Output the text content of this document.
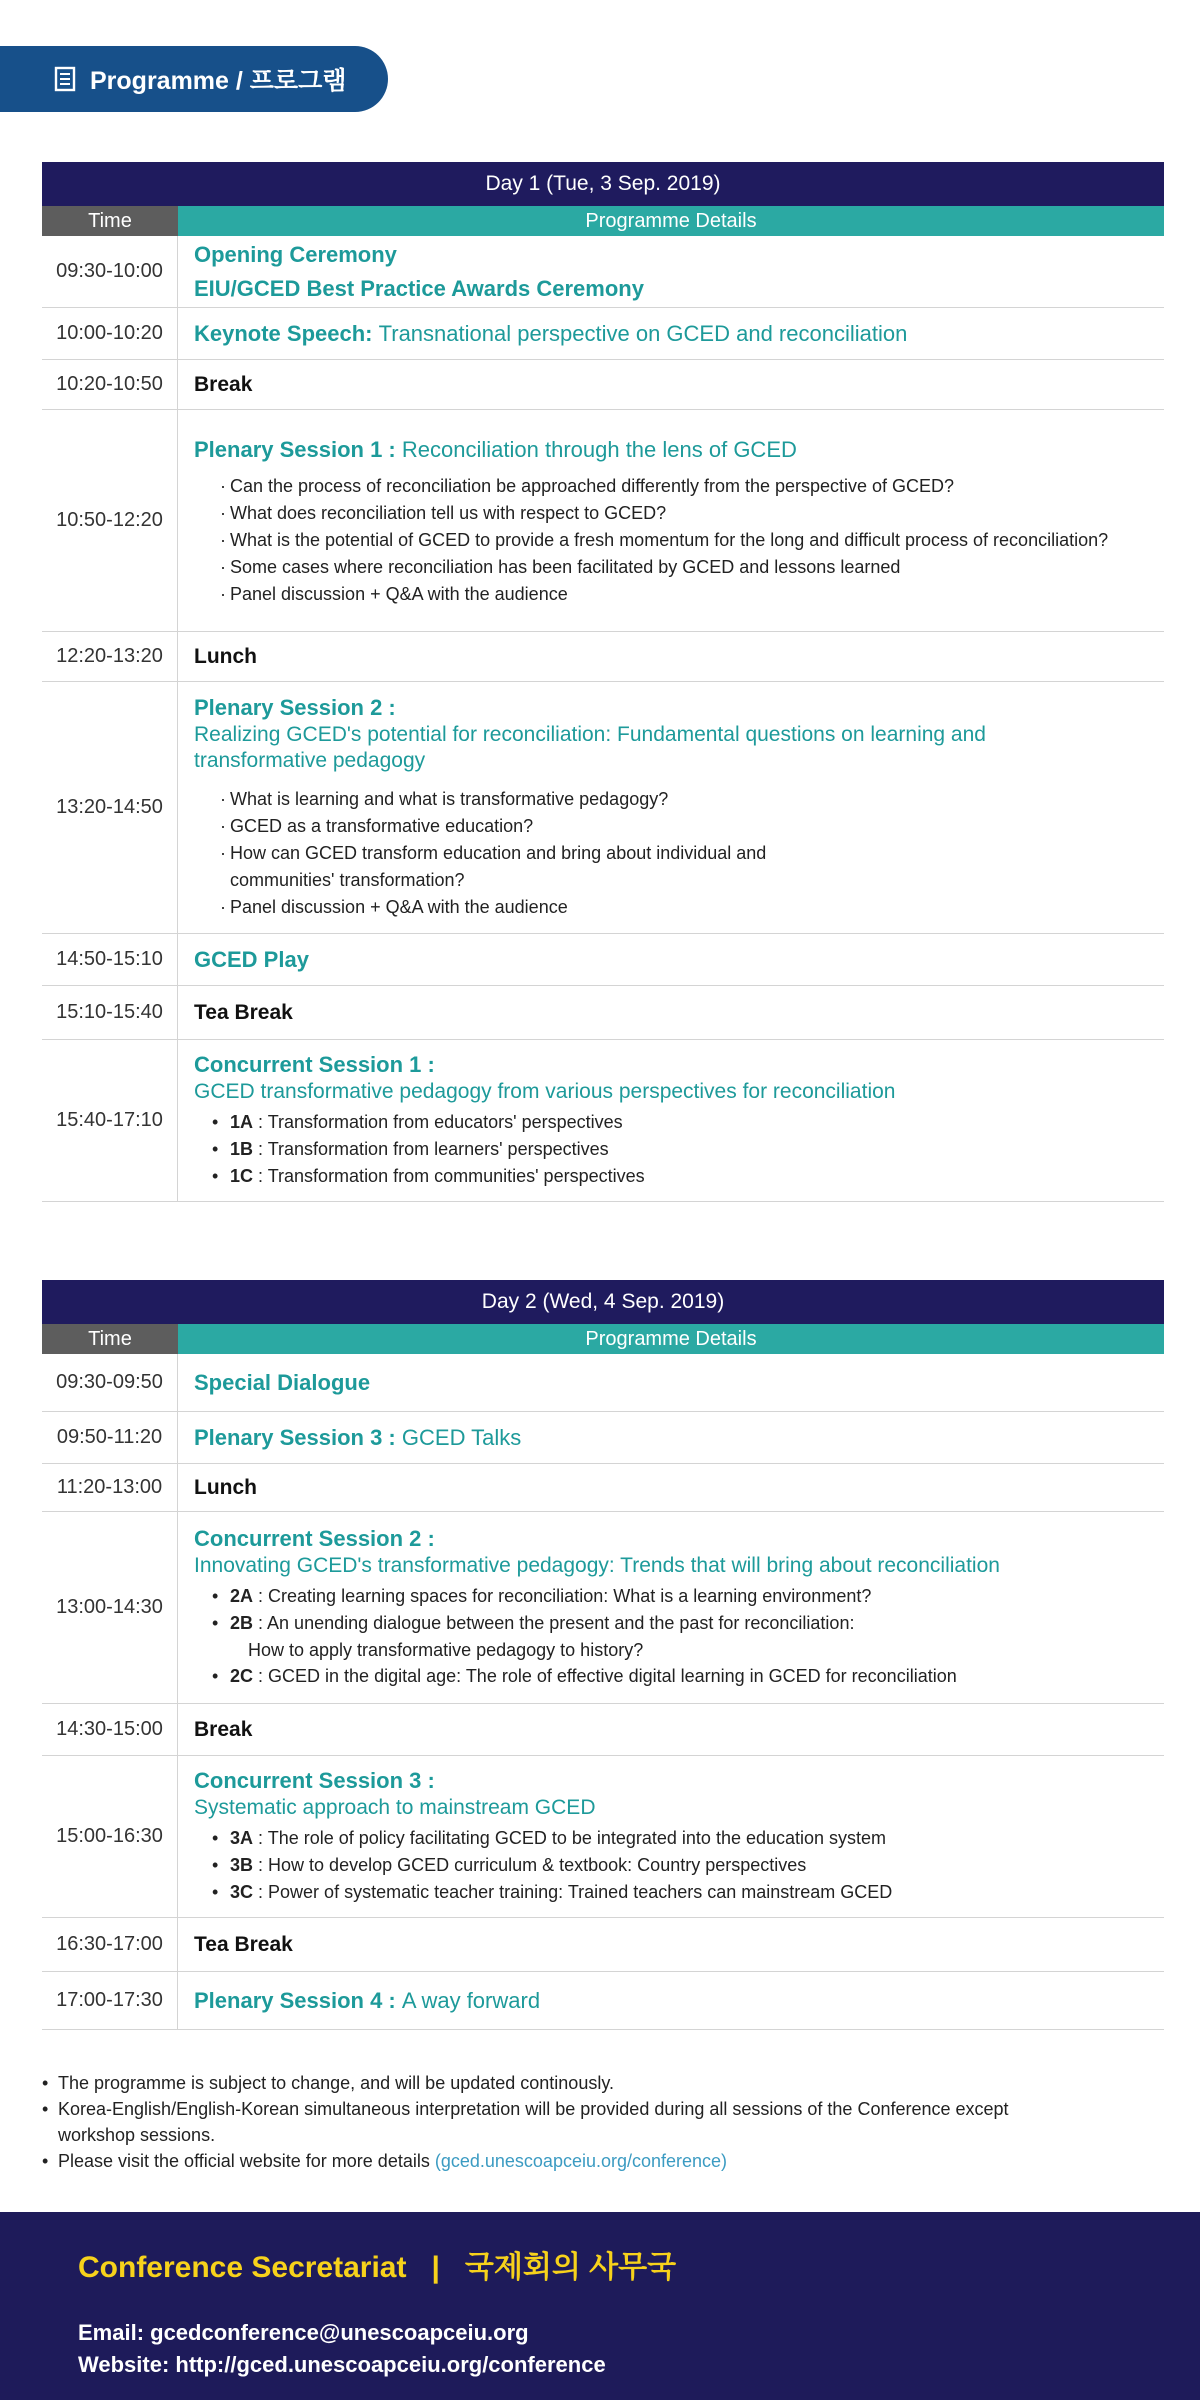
Programme / 프로그램
Day 1 (Tue, 3 Sep. 2019)
Time	Programme Details
09:30-10:00
Opening Ceremony
EIU/GCED Best Practice Awards Ceremony
10:00-10:20	Keynote Speech: Transnational perspective on GCED and reconciliation
10:20-10:50	Break
10:50-12:20
Plenary Session 1 : Reconciliation through the lens of GCED
· Can the process of reconciliation be approached differently from the perspective of GCED?
· What does reconciliation tell us with respect to GCED?
· What is the potential of GCED to provide a fresh momentum for the long and difficult process of reconciliation?
· Some cases where reconciliation has been facilitated by GCED and lessons learned
· Panel discussion + Q&A with the audience
12:20-13:20	Lunch
13:20-14:50
Plenary Session 2 :
Realizing GCED's potential for reconciliation: Fundamental questions on learning and transformative pedagogy
· What is learning and what is transformative pedagogy?
· GCED as a transformative education?
· How can GCED transform education and bring about individual and communities' transformation?
· Panel discussion + Q&A with the audience
14:50-15:10	GCED Play
15:10-15:40	Tea Break
15:40-17:10
Concurrent Session 1 :
GCED transformative pedagogy from various perspectives for reconciliation
• 1A : Transformation from educators' perspectives
• 1B : Transformation from learners' perspectives
• 1C : Transformation from communities' perspectives
Day 2 (Wed, 4 Sep. 2019)
Time	Programme Details
09:30-09:50	Special Dialogue
09:50-11:20	Plenary Session 3 : GCED Talks
11:20-13:00	Lunch
13:00-14:30
Concurrent Session 2 :
Innovating GCED's transformative pedagogy: Trends that will bring about reconciliation
• 2A : Creating learning spaces for reconciliation: What is a learning environment?
• 2B : An unending dialogue between the present and the past for reconciliation:
How to apply transformative pedagogy to history?
• 2C : GCED in the digital age: The role of effective digital learning in GCED for reconciliation
14:30-15:00	Break
15:00-16:30
Concurrent Session 3 :
Systematic approach to mainstream GCED
• 3A : The role of policy facilitating GCED to be integrated into the education system
• 3B : How to develop GCED curriculum & textbook: Country perspectives
• 3C : Power of systematic teacher training: Trained teachers can mainstream GCED
16:30-17:00	Tea Break
17:00-17:30	Plenary Session 4 : A way forward
• The programme is subject to change, and will be updated continously.
• Korea-English/English-Korean simultaneous interpretation will be provided during all sessions of the Conference except workshop sessions.
• Please visit the official website for more details (gced.unescoapceiu.org/conference)
Conference Secretariat   |   국제회의 사무국
Email: gcedconference@unescoapceiu.org
Website: http://gced.unescoapceiu.org/conference
